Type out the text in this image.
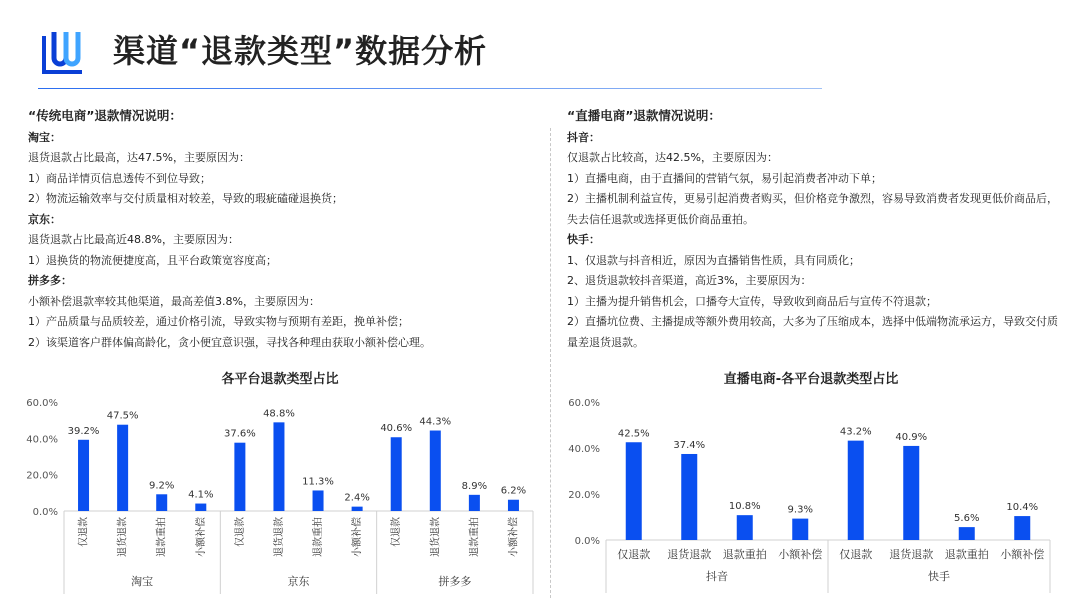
渠道“退款类型”数据分析
“传统电商”退款情况说明：
淘宝：
退货退款占比最高，达47.5%，主要原因为：
1）商品详情页信息透传不到位导致；
2）物流运输效率与交付质量相对较差，导致的瑕疵磕碰退换货；
京东：
退货退款占比最高近48.8%，主要原因为：
1）退换货的物流便捷度高，且平台政策宽容度高；
拼多多：
小额补偿退款率较其他渠道，最高差值3.8%，主要原因为：
1）产品质量与品质较差，通过价格引流，导致实物与预期有差距，挽单补偿；
2）该渠道客户群体偏高龄化，贪小便宜意识强，寻找各种理由获取小额补偿心理。
“直播电商”退款情况说明：
抖音：
仅退款占比较高，达42.5%，主要原因为：
1）直播电商，由于直播间的营销气氛，易引起消费者冲动下单；
2）主播机制利益宣传，更易引起消费者购买，但价格竞争激烈，容易导致消费者发现更低价商品后，失去信任退款或选择更低价商品重拍。
快手：
1、仅退款与抖音相近，原因为直播销售性质，具有同质化；
2、退货退款较抖音渠道，高近3%，主要原因为：
1）主播为提升销售机会，口播夸大宣传，导致收到商品后与宣传不符退款；
2）直播坑位费、主播提成等额外费用较高，大多为了压缩成本，选择中低端物流承运方，导致交付质量差退货退款。
各平台退款类型占比
0.0%
20.0%
40.0%
60.0%
淘宝
39.2%
仅退款
47.5%
退货退款
9.2%
退款重拍
4.1%
小额补偿
京东
37.6%
仅退款
48.8%
退货退款
11.3%
退款重拍
2.4%
小额补偿
拼多多
40.6%
仅退款
44.3%
退货退款
8.9%
退款重拍
6.2%
小额补偿
直播电商-各平台退款类型占比
0.0%
20.0%
40.0%
60.0%
抖音
42.5%
仅退款
37.4%
退货退款
10.8%
退款重拍
9.3%
小额补偿
快手
43.2%
仅退款
40.9%
退货退款
5.6%
退款重拍
10.4%
小额补偿
